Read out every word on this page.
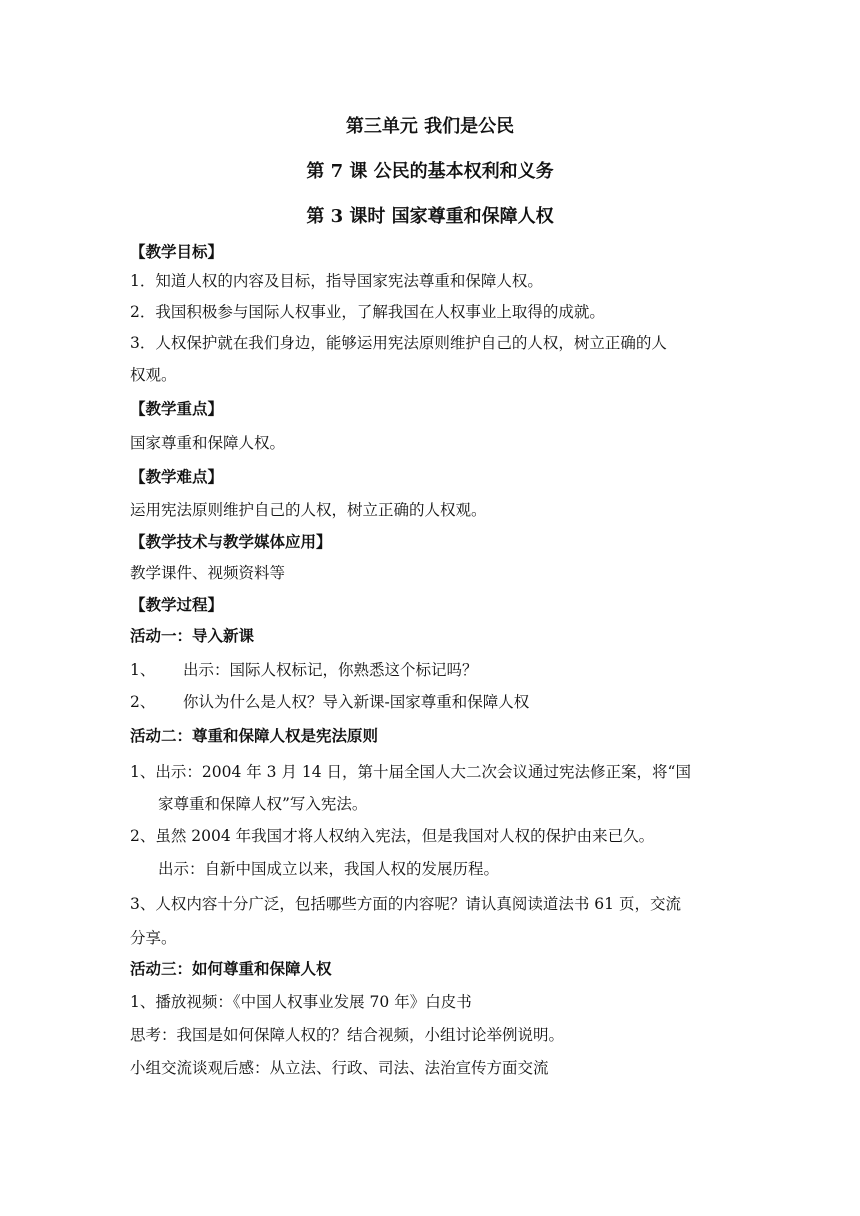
第三单元 我们是公民
第 7 课 公民的基本权利和义务
第 3 课时 国家尊重和保障人权
【教学目标】
1．知道人权的内容及目标，指导国家宪法尊重和保障人权。
2．我国积极参与国际人权事业，了解我国在人权事业上取得的成就。
3．人权保护就在我们身边，能够运用宪法原则维护自己的人权，树立正确的人
权观。
【教学重点】
国家尊重和保障人权。
【教学难点】
运用宪法原则维护自己的人权，树立正确的人权观。
【教学技术与教学媒体应用】
教学课件、视频资料等
【教学过程】
活动一：导入新课
1、 出示：国际人权标记，你熟悉这个标记吗？
2、 你认为什么是人权？导入新课-国家尊重和保障人权
活动二：尊重和保障人权是宪法原则
1、出示：2004 年 3 月 14 日，第十届全国人大二次会议通过宪法修正案，将“国
家尊重和保障人权”写入宪法。
2、虽然 2004 年我国才将人权纳入宪法，但是我国对人权的保护由来已久。
出示：自新中国成立以来，我国人权的发展历程。
3、人权内容十分广泛，包括哪些方面的内容呢？请认真阅读道法书 61 页，交流
分享。
活动三：如何尊重和保障人权
1、播放视频：《中国人权事业发展 70 年》白皮书
思考：我国是如何保障人权的？结合视频，小组讨论举例说明。
小组交流谈观后感：从立法、行政、司法、法治宣传方面交流
